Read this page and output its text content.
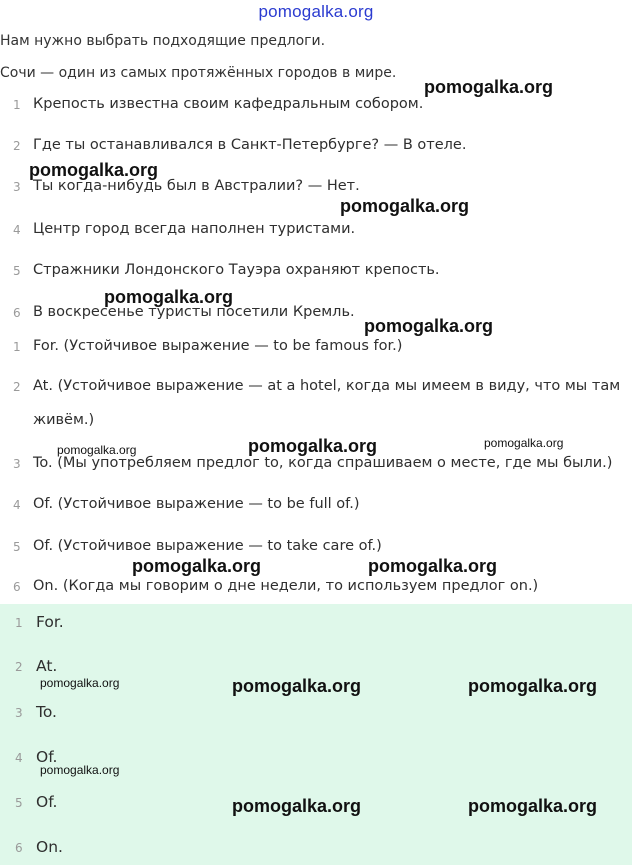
pomogalka.org
Нам нужно выбрать подходящие предлоги.
Сочи — один из самых протяжённых городов в мире.
1 Крепость известна своим кафедральным собором.
2 Где ты останавливался в Санкт-Петербурге? — В отеле.
3 Ты когда-нибудь был в Австралии? — Нет.
4 Центр город всегда наполнен туристами.
5 Стражники Лондонского Тауэра охраняют крепость.
6 В воскресенье туристы посетили Кремль.
1 For. (Устойчивое выражение — to be famous for.)
2 At. (Устойчивое выражение — at a hotel, когда мы имеем в виду, что мы там
живём.)
3 To. (Мы употребляем предлог to, когда спрашиваем о месте, где мы были.)
4 Of. (Устойчивое выражение — to be full of.)
5 Of. (Устойчивое выражение — to take care of.)
6 On. (Когда мы говорим о дне недели, то используем предлог on.)
1 For.
2 At.
3 To.
4 Of.
5 Of.
6 On.
pomogalka.org
pomogalka.org
pomogalka.org
pomogalka.org
pomogalka.org
pomogalka.org	pomogalka.org	pomogalka.org
pomogalka.org	pomogalka.org
pomogalka.org	pomogalka.org	pomogalka.org
pomogalka.org
pomogalka.org	pomogalka.org
